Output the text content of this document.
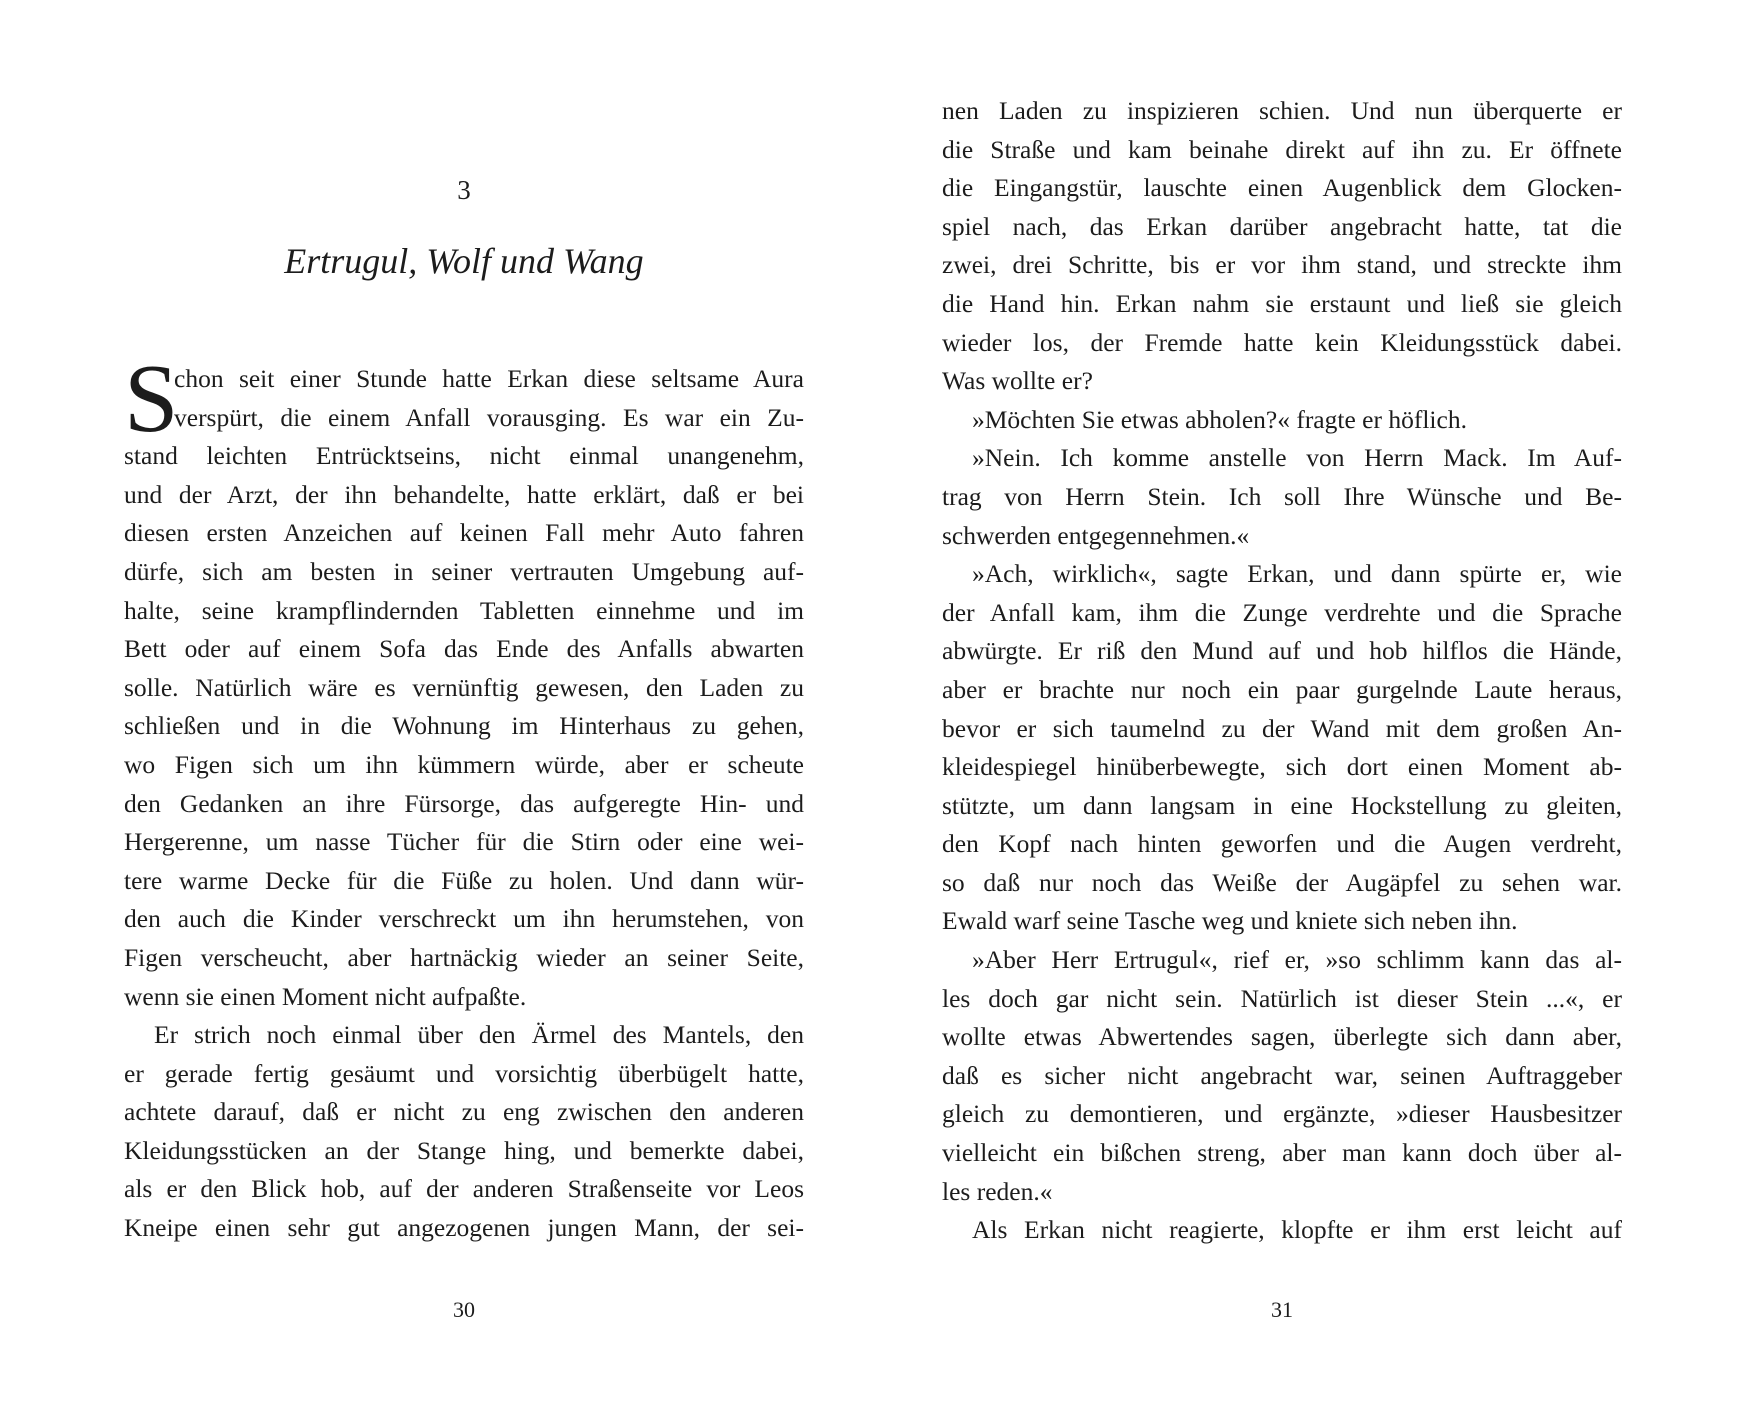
3
Ertrugul, Wolf und Wang
S
chon seit einer Stunde hatte Erkan diese seltsame Aura
verspürt, die einem Anfall vorausging. Es war ein Zu-
stand leichten Entrücktseins, nicht einmal unangenehm,
und der Arzt, der ihn behandelte, hatte erklärt, daß er bei
diesen ersten Anzeichen auf keinen Fall mehr Auto fahren
dürfe, sich am besten in seiner vertrauten Umgebung auf-
halte, seine krampflindernden Tabletten einnehme und im
Bett oder auf einem Sofa das Ende des Anfalls abwarten
solle. Natürlich wäre es vernünftig gewesen, den Laden zu
schließen und in die Wohnung im Hinterhaus zu gehen,
wo Figen sich um ihn kümmern würde, aber er scheute
den Gedanken an ihre Fürsorge, das aufgeregte Hin- und
Hergerenne, um nasse Tücher für die Stirn oder eine wei-
tere warme Decke für die Füße zu holen. Und dann wür-
den auch die Kinder verschreckt um ihn herumstehen, von
Figen verscheucht, aber hartnäckig wieder an seiner Seite,
wenn sie einen Moment nicht aufpaßte.
Er strich noch einmal über den Ärmel des Mantels, den
er gerade fertig gesäumt und vorsichtig überbügelt hatte,
achtete darauf, daß er nicht zu eng zwischen den anderen
Kleidungsstücken an der Stange hing, und bemerkte dabei,
als er den Blick hob, auf der anderen Straßenseite vor Leos
Kneipe einen sehr gut angezogenen jungen Mann, der sei-
30
nen Laden zu inspizieren schien. Und nun überquerte er
die Straße und kam beinahe direkt auf ihn zu. Er öffnete
die Eingangstür, lauschte einen Augenblick dem Glocken-
spiel nach, das Erkan darüber angebracht hatte, tat die
zwei, drei Schritte, bis er vor ihm stand, und streckte ihm
die Hand hin. Erkan nahm sie erstaunt und ließ sie gleich
wieder los, der Fremde hatte kein Kleidungsstück dabei.
Was wollte er?
»Möchten Sie etwas abholen?« fragte er höflich.
»Nein. Ich komme anstelle von Herrn Mack. Im Auf-
trag von Herrn Stein. Ich soll Ihre Wünsche und Be-
schwerden entgegennehmen.«
»Ach, wirklich«, sagte Erkan, und dann spürte er, wie
der Anfall kam, ihm die Zunge verdrehte und die Sprache
abwürgte. Er riß den Mund auf und hob hilflos die Hände,
aber er brachte nur noch ein paar gurgelnde Laute heraus,
bevor er sich taumelnd zu der Wand mit dem großen An-
kleidespiegel hinüberbewegte, sich dort einen Moment ab-
stützte, um dann langsam in eine Hockstellung zu gleiten,
den Kopf nach hinten geworfen und die Augen verdreht,
so daß nur noch das Weiße der Augäpfel zu sehen war.
Ewald warf seine Tasche weg und kniete sich neben ihn.
»Aber Herr Ertrugul«, rief er, »so schlimm kann das al-
les doch gar nicht sein. Natürlich ist dieser Stein ...«, er
wollte etwas Abwertendes sagen, überlegte sich dann aber,
daß es sicher nicht angebracht war, seinen Auftraggeber
gleich zu demontieren, und ergänzte, »dieser Hausbesitzer
vielleicht ein bißchen streng, aber man kann doch über al-
les reden.«
Als Erkan nicht reagierte, klopfte er ihm erst leicht auf
31
